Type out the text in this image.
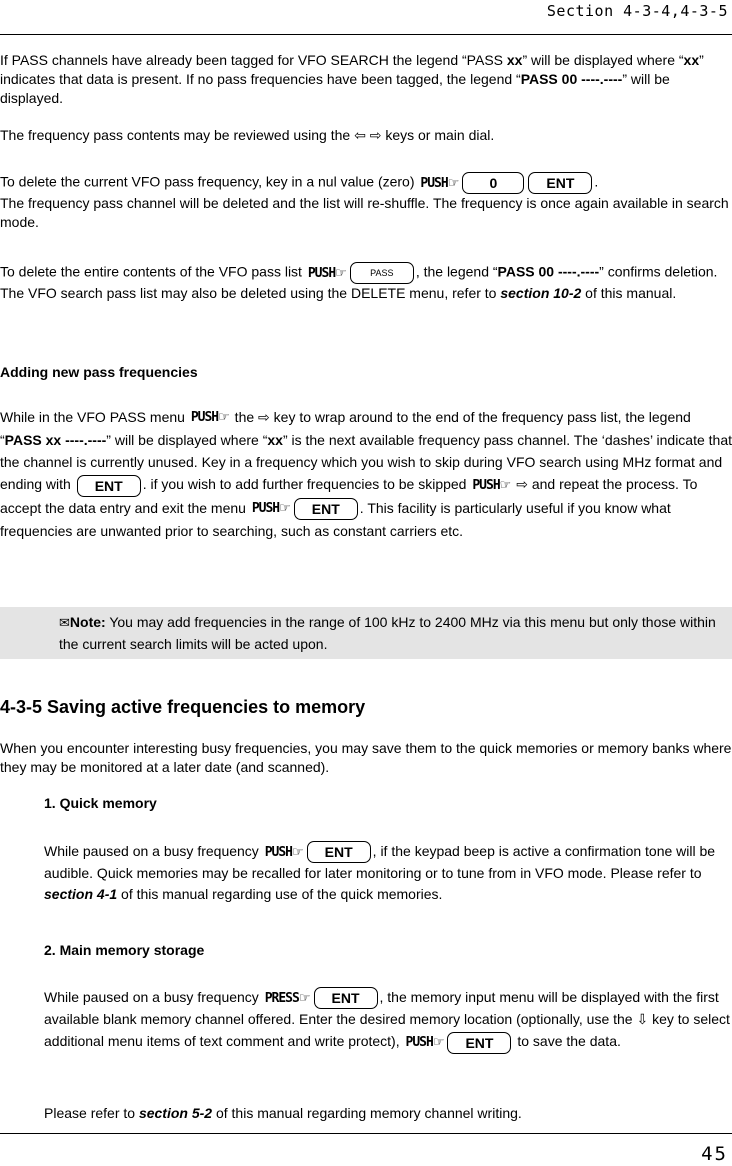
Section 4-3-4,4-3-5

If PASS channels have already been tagged for VFO SEARCH the legend “PASS xx” will be displayed where “xx” indicates that data is present. If no pass frequencies have been tagged, the legend “PASS 00 ----.----” will be displayed.

The frequency pass contents may be reviewed using the ⇦ ⇨ keys or main dial.

To delete the current VFO pass frequency, key in a nul value (zero) PUSH☞ 0	ENT .
The frequency pass channel will be deleted and the list will re-shuffle. The frequency is once again available in search mode.

To delete the entire contents of the VFO pass list PUSH☞	PASS , the legend “PASS 00 ----.----” confirms deletion. The VFO search pass list may also be deleted using the DELETE menu, refer to section 10-2 of this manual.

Adding new pass frequencies

While in the VFO PASS menu PUSH☞ the ⇨ key to wrap around to the end of the frequency pass list, the legend “PASS xx ----.----” will be displayed where “xx” is the next available frequency pass channel. The ‘dashes’ indicate that the channel is currently unused. Key in a frequency which you wish to skip during VFO search using MHz format and ending with ENT . if you wish to add further frequencies to be skipped PUSH☞ ⇨ and repeat the process. To accept the data entry and exit the menu PUSH☞ ENT . This facility is particularly useful if you know what frequencies are unwanted prior to searching, such as constant carriers etc.

✉Note: You may add frequencies in the range of 100 kHz to 2400 MHz via this menu but only those within the current search limits will be acted upon.

4-3-5 Saving active frequencies to memory

When you encounter interesting busy frequencies, you may save them to the quick memories or memory banks where they may be monitored at a later date (and scanned).

1. Quick memory

While paused on a busy frequency PUSH☞ ENT , if the keypad beep is active a confirmation tone will be audible. Quick memories may be recalled for later monitoring or to tune from in VFO mode. Please refer to section 4-1 of this manual regarding use of the quick memories.

2. Main memory storage

While paused on a busy frequency PRESS☞ ENT , the memory input menu will be displayed with the first available blank memory channel offered. Enter the desired memory location (optionally, use the ⇩ key to select additional menu items of text comment and write protect), PUSH☞ ENT to save the data.

Please refer to section 5-2 of this manual regarding memory channel writing.

45
